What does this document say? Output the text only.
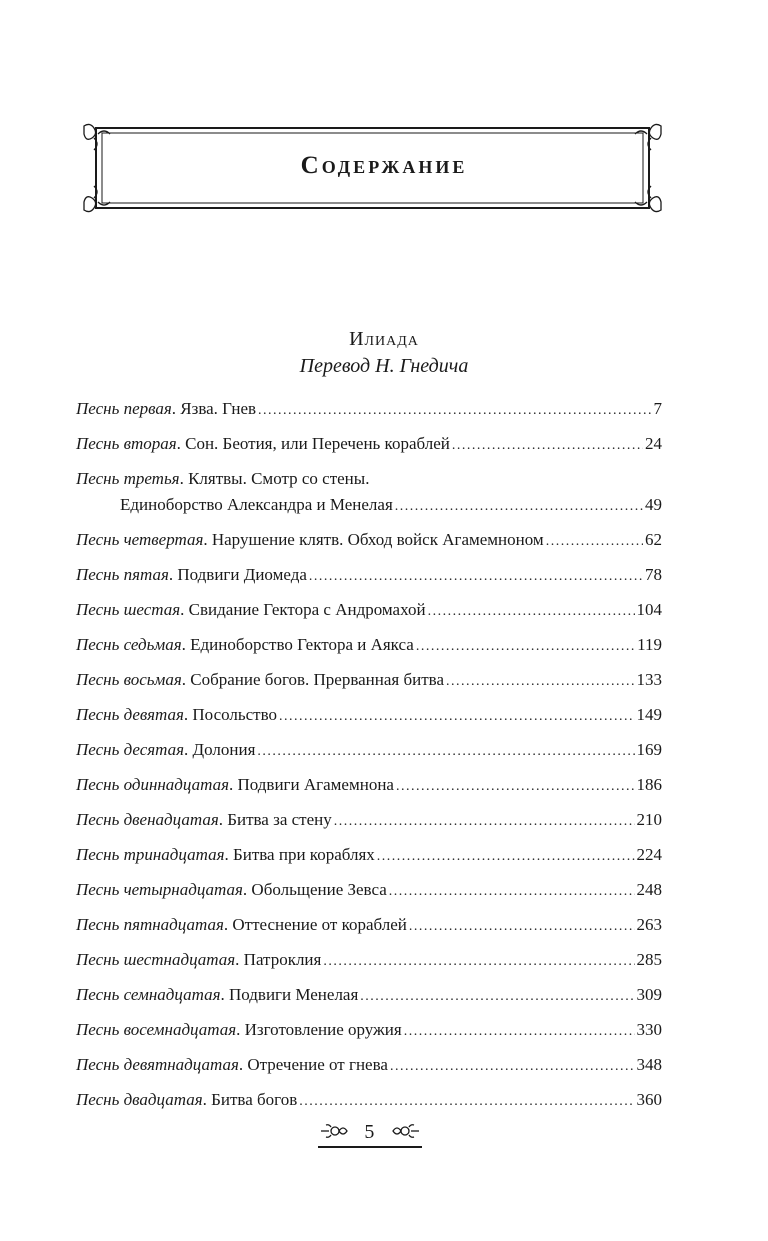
Содержание
Илиада
Перевод Н. Гнедича
Песнь первая. Язва. Гнев . . .	7
Песнь вторая. Сон. Беотия, или Перечень кораблей . . .	24
Песнь третья. Клятвы. Смотр со стены.
Единоборство Александра и Менелая . . .	49
Песнь четвертая. Нарушение клятв. Обход войск Агамемноном . . .	62
Песнь пятая. Подвиги Диомеда . . .	78
Песнь шестая. Свидание Гектора с Андромахой . . .	104
Песнь седьмая. Единоборство Гектора и Аякса . . .	119
Песнь восьмая. Собрание богов. Прерванная битва . . .	133
Песнь девятая. Посольство . . .	149
Песнь десятая. Долония . . .	169
Песнь одиннадцатая. Подвиги Агамемнона . . .	186
Песнь двенадцатая. Битва за стену . . .	210
Песнь тринадцатая. Битва при кораблях . . .	224
Песнь четырнадцатая. Обольщение Зевса . . .	248
Песнь пятнадцатая. Оттеснение от кораблей . . .	263
Песнь шестнадцатая. Патроклия . . .	285
Песнь семнадцатая. Подвиги Менелая . . .	309
Песнь восемнадцатая. Изготовление оружия . . .	330
Песнь девятнадцатая. Отречение от гнева . . .	348
Песнь двадцатая. Битва богов . . .	360
5
